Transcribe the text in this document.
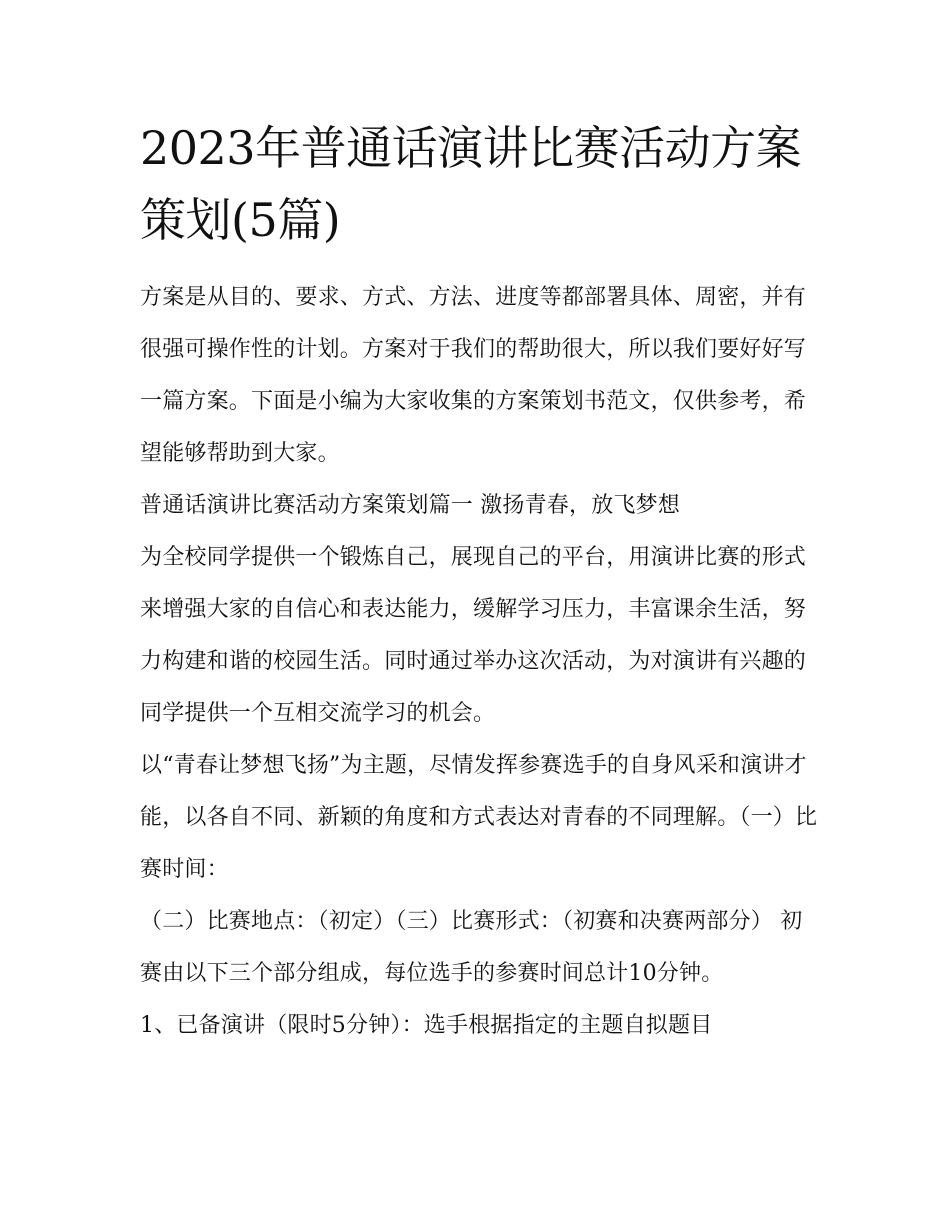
2023年普通话演讲比赛活动方案策划(5篇)

方案是从目的、要求、方式、方法、进度等都部署具体、周密，并有很强可操作性的计划。方案对于我们的帮助很大，所以我们要好好写一篇方案。下面是小编为大家收集的方案策划书范文，仅供参考，希望能够帮助到大家。

普通话演讲比赛活动方案策划篇一 激扬青春，放飞梦想

为全校同学提供一个锻炼自己，展现自己的平台，用演讲比赛的形式来增强大家的自信心和表达能力，缓解学习压力，丰富课余生活，努力构建和谐的校园生活。同时通过举办这次活动，为对演讲有兴趣的同学提供一个互相交流学习的机会。

以“青春让梦想飞扬”为主题，尽情发挥参赛选手的自身风采和演讲才能，以各自不同、新颖的角度和方式表达对青春的不同理解。（一）比赛时间：

（二）比赛地点：（初定）（三）比赛形式：（初赛和决赛两部分） 初赛由以下三个部分组成，每位选手的参赛时间总计10分钟。

1、已备演讲（限时5分钟）：选手根据指定的主题自拟题目
